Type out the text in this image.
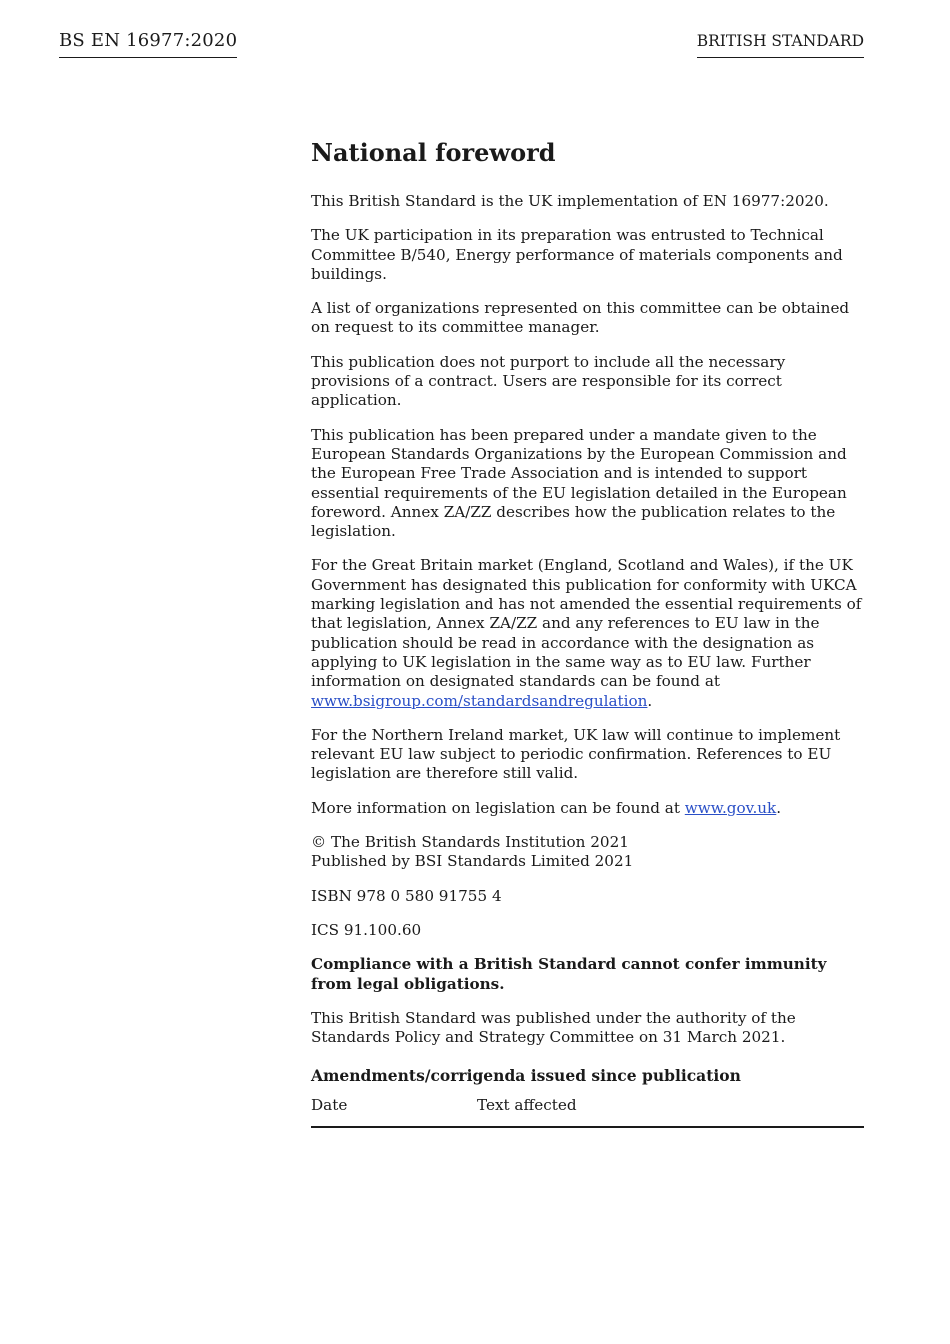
BS EN 16977:2020	BRITISH STANDARD
National foreword

This British Standard is the UK implementation of EN 16977:2020.

The UK participation in its preparation was entrusted to Technical Committee B/540, Energy performance of materials components and buildings.

A list of organizations represented on this committee can be obtained on request to its committee manager.

This publication does not purport to include all the necessary provisions of a contract. Users are responsible for its correct application.

This publication has been prepared under a mandate given to the European Standards Organizations by the European Commission and the European Free Trade Association and is intended to support essential requirements of the EU legislation detailed in the European foreword. Annex ZA/ZZ describes how the publication relates to the legislation.

For the Great Britain market (England, Scotland and Wales), if the UK Government has designated this publication for conformity with UKCA marking legislation and has not amended the essential requirements of that legislation, Annex ZA/ZZ and any references to EU law in the publication should be read in accordance with the designation as applying to UK legislation in the same way as to EU law. Further information on designated standards can be found at www.bsigroup.com/standardsandregulation.

For the Northern Ireland market, UK law will continue to implement relevant EU law subject to periodic confirmation. References to EU legislation are therefore still valid.

More information on legislation can be found at www.gov.uk.

© The British Standards Institution 2021
Published by BSI Standards Limited 2021

ISBN 978 0 580 91755 4

ICS 91.100.60

Compliance with a British Standard cannot confer immunity from legal obligations.

This British Standard was published under the authority of the Standards Policy and Strategy Committee on 31 March 2021.

Amendments/corrigenda issued since publication
Date	Text affected
